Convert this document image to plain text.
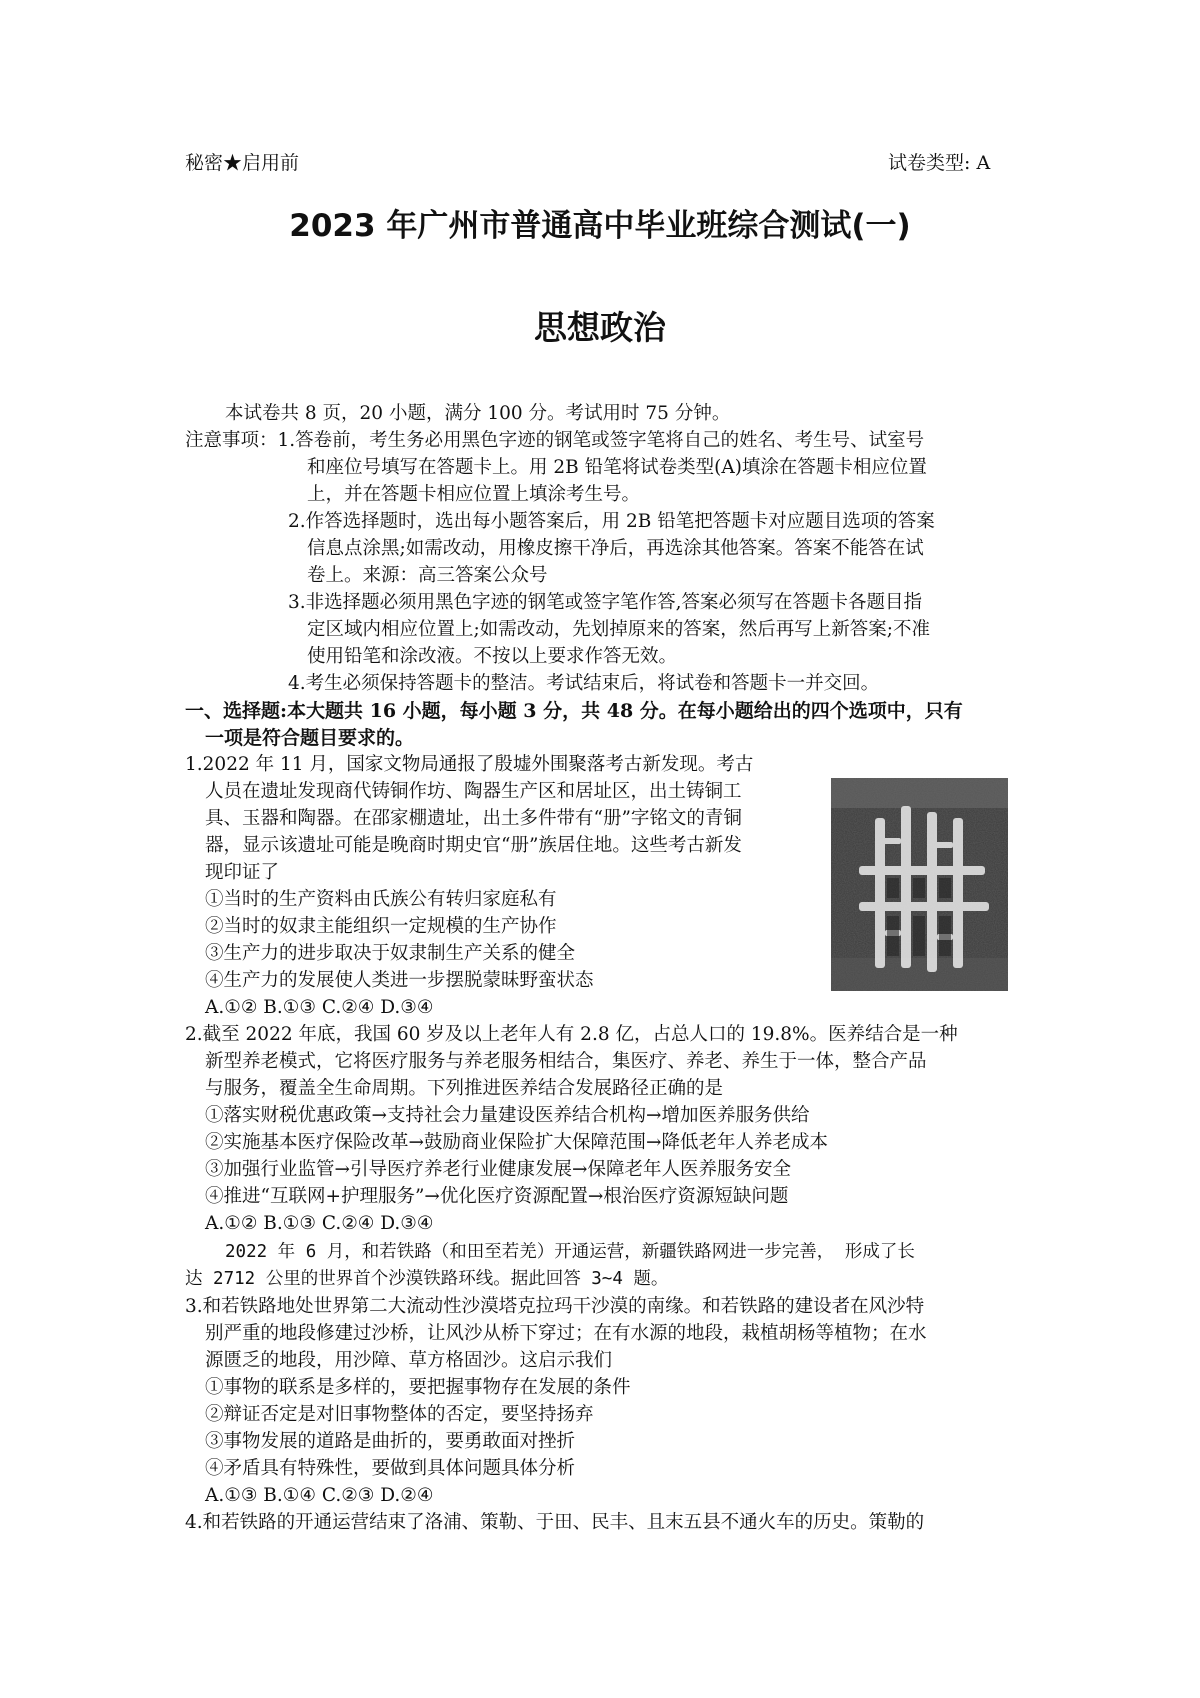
秘密★启用前	试卷类型: A
2023 年广州市普通高中毕业班综合测试(一)
思想政治
本试卷共 8 页，20 小题，满分 100 分。考试用时 75 分钟。
注意事项：1.答卷前，考生务必用黑色字迹的钢笔或签字笔将自己的姓名、考生号、试室号
和座位号填写在答题卡上。用 2B 铅笔将试卷类型(A)填涂在答题卡相应位置
上，并在答题卡相应位置上填涂考生号。
2.作答选择题时，选出每小题答案后，用 2B 铅笔把答题卡对应题目选项的答案
信息点涂黑;如需改动，用橡皮擦干净后，再选涂其他答案。答案不能答在试
卷上。来源：高三答案公众号
3.非选择题必须用黑色字迹的钢笔或签字笔作答,答案必须写在答题卡各题目指
定区域内相应位置上;如需改动，先划掉原来的答案，然后再写上新答案;不准
使用铅笔和涂改液。不按以上要求作答无效。
4.考生必须保持答题卡的整洁。考试结束后，将试卷和答题卡一并交回。
一、选择题:本大题共 16 小题，每小题 3 分，共 48 分。在每小题给出的四个选项中，只有
一项是符合题目要求的。
1.2022 年 11 月，国家文物局通报了殷墟外围聚落考古新发现。考古
人员在遗址发现商代铸铜作坊、陶器生产区和居址区，出土铸铜工
具、玉器和陶器。在邵家棚遗址，出土多件带有“册”字铭文的青铜
器，显示该遗址可能是晚商时期史官“册”族居住地。这些考古新发
现印证了
①当时的生产资料由氏族公有转归家庭私有
②当时的奴隶主能组织一定规模的生产协作
③生产力的进步取决于奴隶制生产关系的健全
④生产力的发展使人类进一步摆脱蒙昧野蛮状态
A.①② B.①③ C.②④ D.③④
2.截至 2022 年底，我国 60 岁及以上老年人有 2.8 亿，占总人口的 19.8%。医养结合是一种
新型养老模式，它将医疗服务与养老服务相结合，集医疗、养老、养生于一体，整合产品
与服务，覆盖全生命周期。下列推进医养结合发展路径正确的是
①落实财税优惠政策→支持社会力量建设医养结合机构→增加医养服务供给
②实施基本医疗保险改革→鼓励商业保险扩大保障范围→降低老年人养老成本
③加强行业监管→引导医疗养老行业健康发展→保障老年人医养服务安全
④推进“互联网+护理服务”→优化医疗资源配置→根治医疗资源短缺问题
A.①② B.①③ C.②④ D.③④
2022 年 6 月，和若铁路（和田至若羌）开通运营，新疆铁路网进一步完善， 形成了长
达 2712 公里的世界首个沙漠铁路环线。据此回答 3~4 题。
3.和若铁路地处世界第二大流动性沙漠塔克拉玛干沙漠的南缘。和若铁路的建设者在风沙特
别严重的地段修建过沙桥，让风沙从桥下穿过；在有水源的地段，栽植胡杨等植物；在水
源匮乏的地段，用沙障、草方格固沙。这启示我们
①事物的联系是多样的，要把握事物存在发展的条件
②辩证否定是对旧事物整体的否定，要坚持扬弃
③事物发展的道路是曲折的，要勇敢面对挫折
④矛盾具有特殊性，要做到具体问题具体分析
A.①③ B.①④ C.②③ D.②④
4.和若铁路的开通运营结束了洛浦、策勒、于田、民丰、且末五县不通火车的历史。策勒的
